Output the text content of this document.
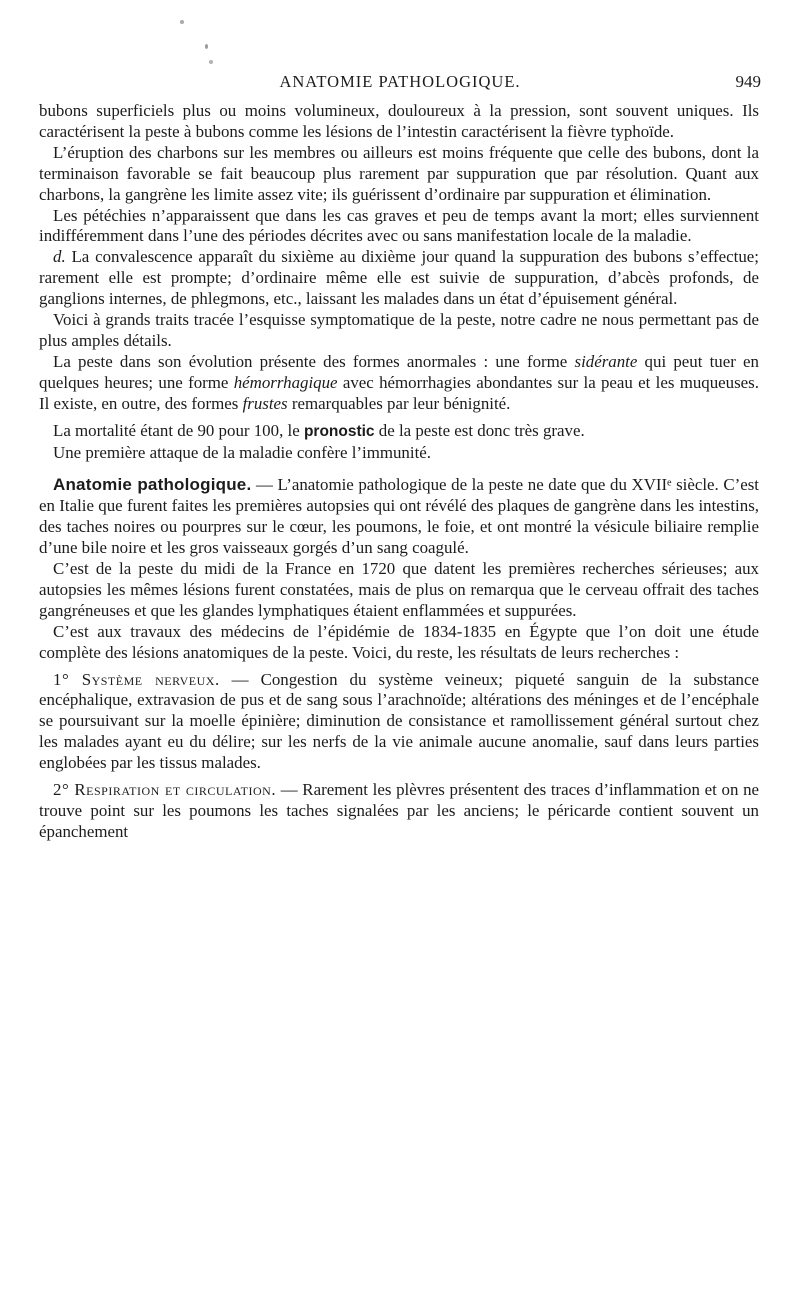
ANATOMIE PATHOLOGIQUE.	949

bubons superficiels plus ou moins volumineux, douloureux à la pression, sont souvent uniques. Ils caractérisent la peste à bubons comme les lésions de l’intestin caractérisent la fièvre typhoïde.

L’éruption des charbons sur les membres ou ailleurs est moins fréquente que celle des bubons, dont la terminaison favorable se fait beaucoup plus rarement par suppuration que par résolution. Quant aux charbons, la gangrène les limite assez vite; ils guérissent d’ordinaire par suppuration et élimination.

Les pétéchies n’apparaissent que dans les cas graves et peu de temps avant la mort; elles surviennent indifféremment dans l’une des périodes décrites avec ou sans manifestation locale de la maladie.

d. La convalescence apparaît du sixième au dixième jour quand la suppuration des bubons s’effectue; rarement elle est prompte; d’ordinaire même elle est suivie de suppuration, d’abcès profonds, de ganglions internes, de phlegmons, etc., laissant les malades dans un état d’épuisement général.

Voici à grands traits tracée l’esquisse symptomatique de la peste, notre cadre ne nous permettant pas de plus amples détails.

La peste dans son évolution présente des formes anormales : une forme sidérante qui peut tuer en quelques heures; une forme hémorrhagique avec hémorrhagies abondantes sur la peau et les muqueuses. Il existe, en outre, des formes frustes remarquables par leur bénignité.

La mortalité étant de 90 pour 100, le pronostic de la peste est donc très grave.

Une première attaque de la maladie confère l’immunité.

Anatomie pathologique. — L’anatomie pathologique de la peste ne date que du XVIIᵉ siècle. C’est en Italie que furent faites les premières autopsies qui ont révélé des plaques de gangrène dans les intestins, des taches noires ou pourpres sur le cœur, les poumons, le foie, et ont montré la vésicule biliaire remplie d’une bile noire et les gros vaisseaux gorgés d’un sang coagulé.

C’est de la peste du midi de la France en 1720 que datent les premières recherches sérieuses; aux autopsies les mêmes lésions furent constatées, mais de plus on remarqua que le cerveau offrait des taches gangréneuses et que les glandes lymphatiques étaient enflammées et suppurées.

C’est aux travaux des médecins de l’épidémie de 1834-1835 en Égypte que l’on doit une étude complète des lésions anatomiques de la peste. Voici, du reste, les résultats de leurs recherches :

1° Système nerveux. — Congestion du système veineux; piqueté sanguin de la substance encéphalique, extravasion de pus et de sang sous l’arachnoïde; altérations des méninges et de l’encéphale se poursuivant sur la moelle épinière; diminution de consistance et ramollissement général surtout chez les malades ayant eu du délire; sur les nerfs de la vie animale aucune anomalie, sauf dans leurs parties englobées par les tissus malades.

2° Respiration et circulation. — Rarement les plèvres présentent des traces d’inflammation et on ne trouve point sur les poumons les taches signalées par les anciens; le péricarde contient souvent un épanchement
